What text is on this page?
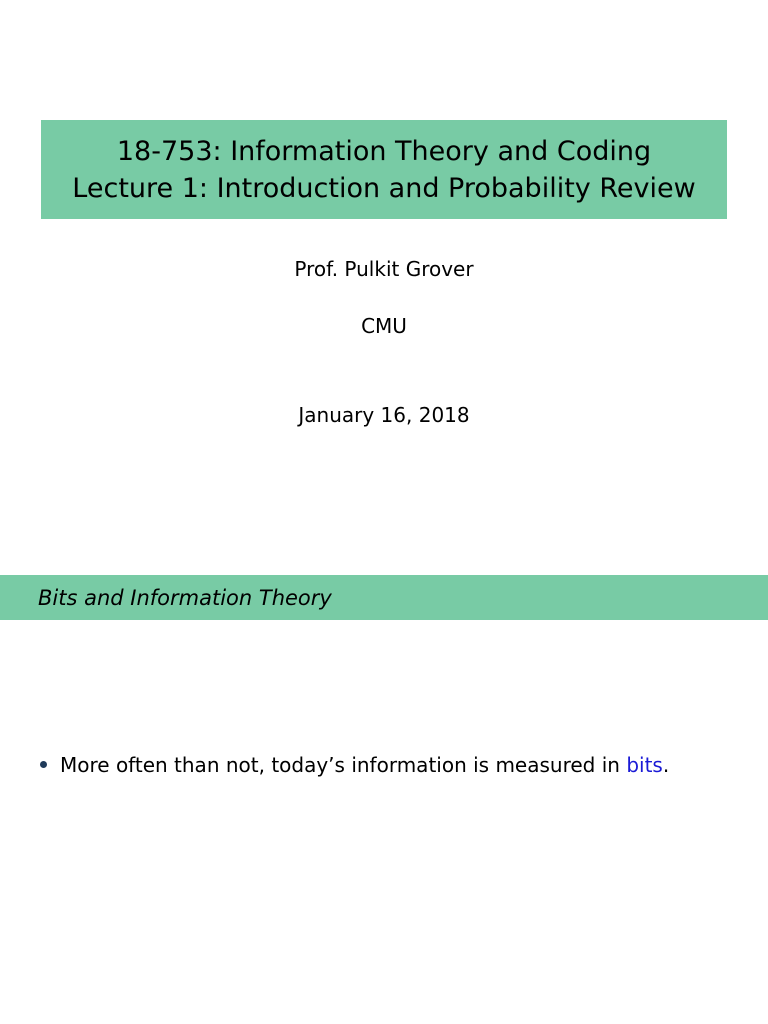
18-753: Information Theory and Coding
Lecture 1: Introduction and Probability Review
Prof. Pulkit Grover
CMU
January 16, 2018
Bits and Information Theory
More often than not, today’s information is measured in bits.
